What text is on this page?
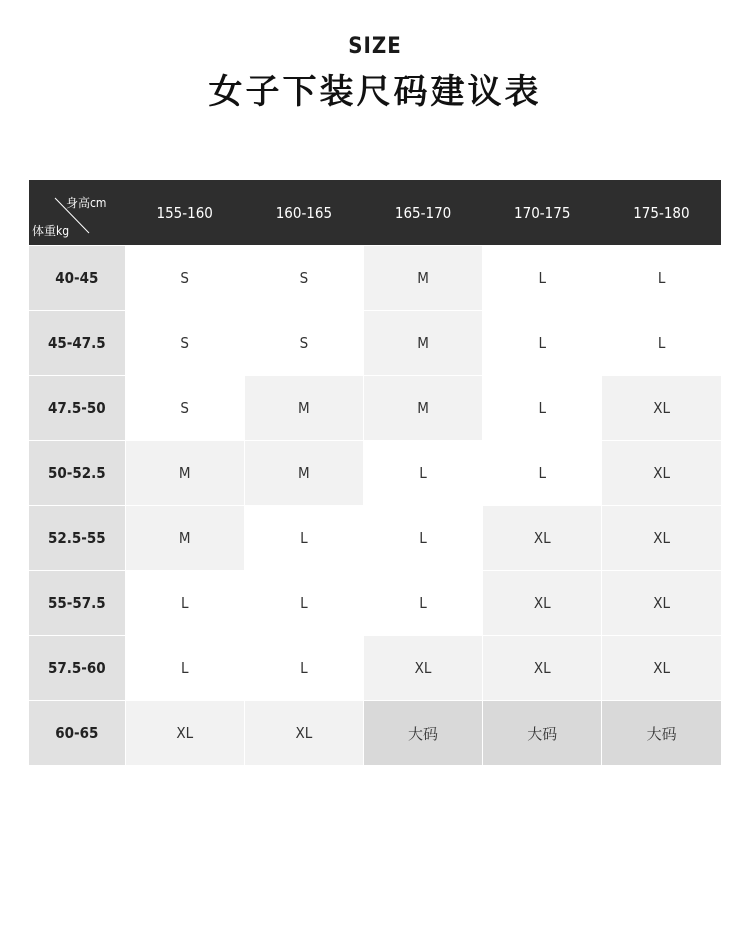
SIZE
女子下装尺码建议表
身高cm
体重kg	155-160	160-165	165-170	170-175	175-180
40-45	S	S	M	L	L
45-47.5	S	S	M	L	L
47.5-50	S	M	M	L	XL
50-52.5	M	M	L	L	XL
52.5-55	M	L	L	XL	XL
55-57.5	L	L	L	XL	XL
57.5-60	L	L	XL	XL	XL
60-65	XL	XL	大码	大码	大码
